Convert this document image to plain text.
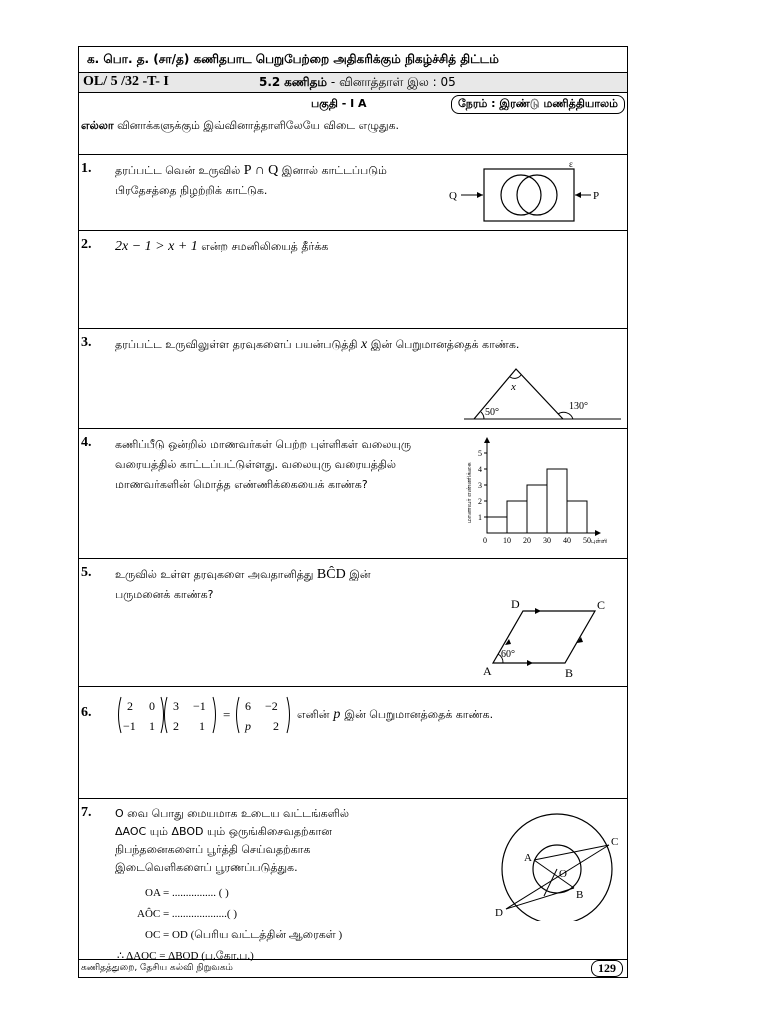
க. பொ. த. (சா/த) கணிதபாட பெறுபேற்றை அதிகரிக்கும் நிகழ்ச்சித் திட்டம்
OL/ 5 /32 -T- I	5.2 கணிதம் - வினாத்தாள் இல : 05
பகுதி - I A	நேரம் : இரண்டு மணித்தியாலம்
எல்லா வினாக்களுக்கும் இவ்வினாத்தாளிலேயே விடை எழுதுக.
1. தரப்பட்ட வென் உருவில் P ∩ Q இனால் காட்டப்படும்
பிரதேசத்தை நிழற்றிக் காட்டுக.	Q	P
ε
2. 2x − 1 > x + 1 என்ற சமனிலியைத் தீர்க்க
3. தரப்பட்ட உருவிலுள்ள தரவுகளைப் பயன்படுத்தி x இன் பெறுமானத்தைக் காண்க.
x
50°
130°
4. கணிப்பீடு ஒன்றில் மாணவர்கள் பெற்ற புள்ளிகள் வலையுரு
வரையத்தில் காட்டப்பட்டுள்ளது. வலையுரு வரையத்தில்
மாணவர்களின் மொத்த எண்ணிக்கையைக் காண்க?
0 10 20 30 40 50
1
2
3
4
5
புள்ளி
மாணவர் எண்ணிக்கை
5. உருவில் உள்ள தரவுகளை அவதானித்து BĈD இன்
பருமனைக் காண்க?
A	B
C
D
60°
6.	=
2 0
−1 1
3 −1
2 1
6 −2
p 2
எனின் p இன் பெறுமானத்தைக் காண்க.
7. O வை பொது மையமாக உடைய வட்டங்களில்
ΔAOC யும் ΔBOD யும் ஒருங்கிசைவதற்கான
நிபந்தனைகளைப் பூர்த்தி செய்வதற்காக
இடைவெளிகளைப் பூரணப்படுத்துக.
OA = ................ ( )
AÔC = ....................( )
OC = OD (பெரிய வட்டத்தின் ஆரைகள் )
∴ ΔAOC = ΔBOD (ப.கோ.ப.)
A
B
C
D
O
கணிதத்துறை, தேசிய கல்வி நிறுவகம்	129
